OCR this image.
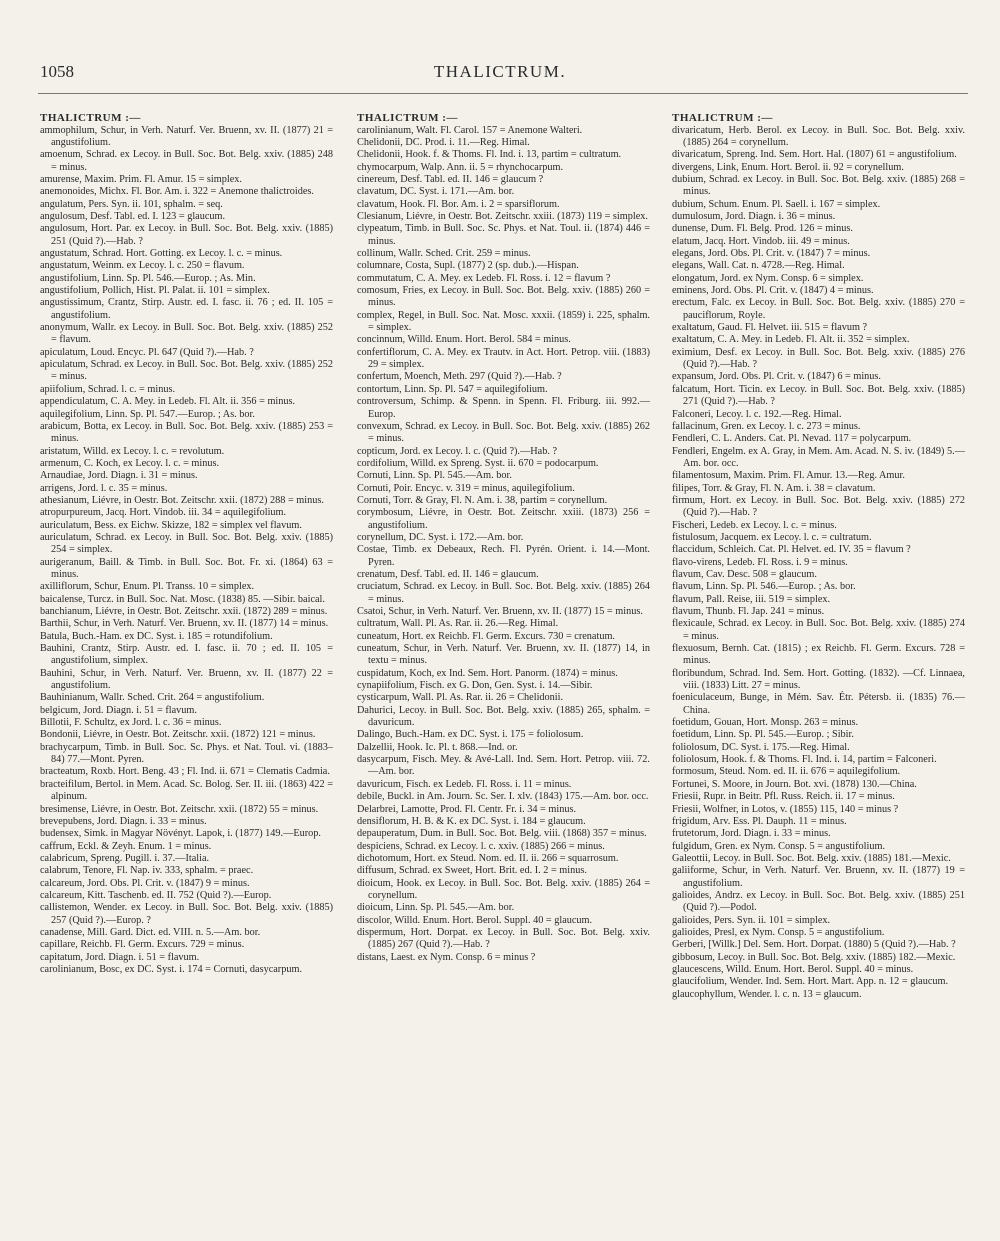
1058	THALICTRUM.
THALICTRUM :—

ammophilum, Schur, in Verh. Naturf. Ver. Bruenn, xv. II. (1877) 21 = angustifolium.

amoenum, Schrad. ex Lecoy. in Bull. Soc. Bot. Belg. xxiv. (1885) 248 = minus.

amurense, Maxim. Prim. Fl. Amur. 15 = simplex.

anemonoides, Michx. Fl. Bor. Am. i. 322 = Anemone thalictroides.

angulatum, Pers. Syn. ii. 101, sphalm. = seq.

angulosum, Desf. Tabl. ed. I. 123 = glaucum.

angulosum, Hort. Par. ex Lecoy. in Bull. Soc. Bot. Belg. xxiv. (1885) 251 (Quid ?).—Hab. ?

angustatum, Schrad. Hort. Gotting. ex Lecoy. l. c. = minus.

angustatum, Weinm. ex Lecoy. l. c. 250 = flavum.

angustifolium, Linn. Sp. Pl. 546.—Europ. ; As. Min.

angustifolium, Pollich, Hist. Pl. Palat. ii. 101 = simplex.

angustissimum, Crantz, Stirp. Austr. ed. I. fasc. ii. 76 ; ed. II. 105 = angustifolium.

anonymum, Wallr. ex Lecoy. in Bull. Soc. Bot. Belg. xxiv. (1885) 252 = flavum.

apiculatum, Loud. Encyc. Pl. 647 (Quid ?).—Hab. ?

apiculatum, Schrad. ex Lecoy. in Bull. Soc. Bot. Belg. xxiv. (1885) 252 = minus.

apiifolium, Schrad. l. c. = minus.

appendiculatum, C. A. Mey. in Ledeb. Fl. Alt. ii. 356 = minus.

aquilegifolium, Linn. Sp. Pl. 547.—Europ. ; As. bor.

arabicum, Botta, ex Lecoy. in Bull. Soc. Bot. Belg. xxiv. (1885) 253 = minus.

aristatum, Willd. ex Lecoy. l. c. = revolutum.

armenum, C. Koch, ex Lecoy. l. c. = minus.

Arnaudiae, Jord. Diagn. i. 31 = minus.

arrigens, Jord. l. c. 35 = minus.

athesianum, Liévre, in Oestr. Bot. Zeitschr. xxii. (1872) 288 = minus.

atropurpureum, Jacq. Hort. Vindob. iii. 34 = aquilegifolium.

auriculatum, Bess. ex Eichw. Skizze, 182 = simplex vel flavum.

auriculatum, Schrad. ex Lecoy. in Bull. Soc. Bot. Belg. xxiv. (1885) 254 = simplex.

aurigeranum, Baill. & Timb. in Bull. Soc. Bot. Fr. xi. (1864) 63 = minus.

axilliflorum, Schur, Enum. Pl. Transs. 10 = simplex.

baicalense, Turcz. in Bull. Soc. Nat. Mosc. (1838) 85. —Sibir. baical.

banchianum, Liévre, in Oestr. Bot. Zeitschr. xxii. (1872) 289 = minus.

Barthii, Schur, in Verh. Naturf. Ver. Bruenn, xv. II. (1877) 14 = minus.

Batula, Buch.-Ham. ex DC. Syst. i. 185 = rotundifolium.

Bauhini, Crantz, Stirp. Austr. ed. I. fasc. ii. 70 ; ed. II. 105 = angustifolium, simplex.

Bauhini, Schur, in Verh. Naturf. Ver. Bruenn, xv. II. (1877) 22 = angustifolium.

Bauhinianum, Wallr. Sched. Crit. 264 = angustifolium.

belgicum, Jord. Diagn. i. 51 = flavum.

Billotii, F. Schultz, ex Jord. l. c. 36 = minus.

Bondonii, Liévre, in Oestr. Bot. Zeitschr. xxii. (1872) 121 = minus.

brachycarpum, Timb. in Bull. Soc. Sc. Phys. et Nat. Toul. vi. (1883–84) 77.—Mont. Pyren.

bracteatum, Roxb. Hort. Beng. 43 ; Fl. Ind. ii. 671 = Clematis Cadmia.

bracteifilum, Bertol. in Mem. Acad. Sc. Bolog. Ser. II. iii. (1863) 422 = alpinum.

bresimense, Liévre, in Oestr. Bot. Zeitschr. xxii. (1872) 55 = minus.

brevepubens, Jord. Diagn. i. 33 = minus.

budensex, Simk. in Magyar Növényt. Lapok, i. (1877) 149.—Europ.

caffrum, Eckl. & Zeyh. Enum. 1 = minus.

calabricum, Spreng. Pugill. i. 37.—Italia.

calabrum, Tenore, Fl. Nap. iv. 333, sphalm. = praec.

calcareum, Jord. Obs. Pl. Crit. v. (1847) 9 = minus.

calcareum, Kitt. Taschenb. ed. II. 752 (Quid ?).—Europ.

callistemon, Wender. ex Lecoy. in Bull. Soc. Bot. Belg. xxiv. (1885) 257 (Quid ?).—Europ. ?

canadense, Mill. Gard. Dict. ed. VIII. n. 5.—Am. bor.

capillare, Reichb. Fl. Germ. Excurs. 729 = minus.

capitatum, Jord. Diagn. i. 51 = flavum.

carolinianum, Bosc, ex DC. Syst. i. 174 = Cornuti, dasycarpum.

THALICTRUM :—

carolinianum, Walt. Fl. Carol. 157 = Anemone Walteri.

Chelidonii, DC. Prod. i. 11.—Reg. Himal.

Chelidonii, Hook. f. & Thoms. Fl. Ind. i. 13, partim = cultratum.

chymocarpum, Walp. Ann. ii. 5 = rhynchocarpum.

cinereum, Desf. Tabl. ed. II. 146 = glaucum ?

clavatum, DC. Syst. i. 171.—Am. bor.

clavatum, Hook. Fl. Bor. Am. i. 2 = sparsiflorum.

Clesianum, Liévre, in Oestr. Bot. Zeitschr. xxiii. (1873) 119 = simplex.

clypeatum, Timb. in Bull. Soc. Sc. Phys. et Nat. Toul. ii. (1874) 446 = minus.

collinum, Wallr. Sched. Crit. 259 = minus.

columnare, Costa, Supl. (1877) 2 (sp. dub.).—Hispan.

commutatum, C. A. Mey. ex Ledeb. Fl. Ross. i. 12 = flavum ?

comosum, Fries, ex Lecoy. in Bull. Soc. Bot. Belg. xxiv. (1885) 260 = minus.

complex, Regel, in Bull. Soc. Nat. Mosc. xxxii. (1859) i. 225, sphalm. = simplex.

concinnum, Willd. Enum. Hort. Berol. 584 = minus.

confertiflorum, C. A. Mey. ex Trautv. in Act. Hort. Petrop. viii. (1883) 29 = simplex.

confertum, Moench, Meth. 297 (Quid ?).—Hab. ?

contortum, Linn. Sp. Pl. 547 = aquilegifolium.

controversum, Schimp. & Spenn. in Spenn. Fl. Friburg. iii. 992.—Europ.

convexum, Schrad. ex Lecoy. in Bull. Soc. Bot. Belg. xxiv. (1885) 262 = minus.

copticum, Jord. ex Lecoy. l. c. (Quid ?).—Hab. ?

cordifolium, Willd. ex Spreng. Syst. ii. 670 = podocarpum.

Cornuti, Linn. Sp. Pl. 545.—Am. bor.

Cornuti, Poir. Encyc. v. 319 = minus, aquilegifolium.

Cornuti, Torr. & Gray, Fl. N. Am. i. 38, partim = corynellum.

corymbosum, Liévre, in Oestr. Bot. Zeitschr. xxiii. (1873) 256 = angustifolium.

corynellum, DC. Syst. i. 172.—Am. bor.

Costae, Timb. ex Debeaux, Rech. Fl. Pyrén. Orient. i. 14.—Mont. Pyren.

crenatum, Desf. Tabl. ed. II. 146 = glaucum.

cruciatum, Schrad. ex Lecoy. in Bull. Soc. Bot. Belg. xxiv. (1885) 264 = minus.

Csatoi, Schur, in Verh. Naturf. Ver. Bruenn, xv. II. (1877) 15 = minus.

cultratum, Wall. Pl. As. Rar. ii. 26.—Reg. Himal.

cuneatum, Hort. ex Reichb. Fl. Germ. Excurs. 730 = crenatum.

cuneatum, Schur, in Verh. Naturf. Ver. Bruenn, xv. II. (1877) 14, in textu = minus.

cuspidatum, Koch, ex Ind. Sem. Hort. Panorm. (1874) = minus.

cynapiifolium, Fisch. ex G. Don, Gen. Syst. i. 14.—Sibir.

cysticarpum, Wall. Pl. As. Rar. ii. 26 = Chelidonii.

Dahurici, Lecoy. in Bull. Soc. Bot. Belg. xxiv. (1885) 265, sphalm. = davuricum.

Dalingo, Buch.-Ham. ex DC. Syst. i. 175 = foliolosum.

Dalzellii, Hook. Ic. Pl. t. 868.—Ind. or.

dasycarpum, Fisch. Mey. & Avé-Lall. Ind. Sem. Hort. Petrop. viii. 72.—Am. bor.

davuricum, Fisch. ex Ledeb. Fl. Ross. i. 11 = minus.

debile, Buckl. in Am. Journ. Sc. Ser. I. xlv. (1843) 175.—Am. bor. occ.

Delarbrei, Lamotte, Prod. Fl. Centr. Fr. i. 34 = minus.

densiflorum, H. B. & K. ex DC. Syst. i. 184 = glaucum.

depauperatum, Dum. in Bull. Soc. Bot. Belg. viii. (1868) 357 = minus.

despiciens, Schrad. ex Lecoy. l. c. xxiv. (1885) 266 = minus.

dichotomum, Hort. ex Steud. Nom. ed. II. ii. 266 = squarrosum.

diffusum, Schrad. ex Sweet, Hort. Brit. ed. I. 2 = minus.

dioicum, Hook. ex Lecoy. in Bull. Soc. Bot. Belg. xxiv. (1885) 264 = corynellum.

dioicum, Linn. Sp. Pl. 545.—Am. bor.

discolor, Willd. Enum. Hort. Berol. Suppl. 40 = glaucum.

dispermum, Hort. Dorpat. ex Lecoy. in Bull. Soc. Bot. Belg. xxiv. (1885) 267 (Quid ?).—Hab. ?

distans, Laest. ex Nym. Consp. 6 = minus ?

THALICTRUM :—

divaricatum, Herb. Berol. ex Lecoy. in Bull. Soc. Bot. Belg. xxiv. (1885) 264 = corynellum.

divaricatum, Spreng. Ind. Sem. Hort. Hal. (1807) 61 = angustifolium.

divergens, Link, Enum. Hort. Berol. ii. 92 = corynellum.

dubium, Schrad. ex Lecoy. in Bull. Soc. Bot. Belg. xxiv. (1885) 268 = minus.

dubium, Schum. Enum. Pl. Saell. i. 167 = simplex.

dumulosum, Jord. Diagn. i. 36 = minus.

dunense, Dum. Fl. Belg. Prod. 126 = minus.

elatum, Jacq. Hort. Vindob. iii. 49 = minus.

elegans, Jord. Obs. Pl. Crit. v. (1847) 7 = minus.

elegans, Wall. Cat. n. 4728.—Reg. Himal.

elongatum, Jord. ex Nym. Consp. 6 = simplex.

eminens, Jord. Obs. Pl. Crit. v. (1847) 4 = minus.

erectum, Falc. ex Lecoy. in Bull. Soc. Bot. Belg. xxiv. (1885) 270 = pauciflorum, Royle.

exaltatum, Gaud. Fl. Helvet. iii. 515 = flavum ?

exaltatum, C. A. Mey. in Ledeb. Fl. Alt. ii. 352 = simplex.

eximium, Desf. ex Lecoy. in Bull. Soc. Bot. Belg. xxiv. (1885) 276 (Quid ?).—Hab. ?

expansum, Jord. Obs. Pl. Crit. v. (1847) 6 = minus.

falcatum, Hort. Ticin. ex Lecoy. in Bull. Soc. Bot. Belg. xxiv. (1885) 271 (Quid ?).—Hab. ?

Falconeri, Lecoy. l. c. 192.—Reg. Himal.

fallacinum, Gren. ex Lecoy. l. c. 273 = minus.

Fendleri, C. L. Anders. Cat. Pl. Nevad. 117 = polycarpum.

Fendleri, Engelm. ex A. Gray, in Mem. Am. Acad. N. S. iv. (1849) 5.—Am. bor. occ.

filamentosum, Maxim. Prim. Fl. Amur. 13.—Reg. Amur.

filipes, Torr. & Gray, Fl. N. Am. i. 38 = clavatum.

firmum, Hort. ex Lecoy. in Bull. Soc. Bot. Belg. xxiv. (1885) 272 (Quid ?).—Hab. ?

Fischeri, Ledeb. ex Lecoy. l. c. = minus.

fistulosum, Jacquem. ex Lecoy. l. c. = cultratum.

flaccidum, Schleich. Cat. Pl. Helvet. ed. IV. 35 = flavum ?

flavo-virens, Ledeb. Fl. Ross. i. 9 = minus.

flavum, Cav. Desc. 508 = glaucum.

flavum, Linn. Sp. Pl. 546.—Europ. ; As. bor.

flavum, Pall. Reise, iii. 519 = simplex.

flavum, Thunb. Fl. Jap. 241 = minus.

flexicaule, Schrad. ex Lecoy. in Bull. Soc. Bot. Belg. xxiv. (1885) 274 = minus.

flexuosum, Bernh. Cat. (1815) ; ex Reichb. Fl. Germ. Excurs. 728 = minus.

floribundum, Schrad. Ind. Sem. Hort. Gotting. (1832). —Cf. Linnaea, viii. (1833) Litt. 27 = minus.

foeniculaceum, Bunge, in Mém. Sav. Étr. Pétersb. ii. (1835) 76.—China.

foetidum, Gouan, Hort. Monsp. 263 = minus.

foetidum, Linn. Sp. Pl. 545.—Europ. ; Sibir.

foliolosum, DC. Syst. i. 175.—Reg. Himal.

foliolosum, Hook. f. & Thoms. Fl. Ind. i. 14, partim = Falconeri.

formosum, Steud. Nom. ed. II. ii. 676 = aquilegifolium.

Fortunei, S. Moore, in Journ. Bot. xvi. (1878) 130.—China.

Friesii, Rupr. in Beitr. Pfl. Russ. Reich. ii. 17 = minus.

Friesii, Wolfner, in Lotos, v. (1855) 115, 140 = minus ?

frigidum, Arv. Ess. Pl. Dauph. 11 = minus.

frutetorum, Jord. Diagn. i. 33 = minus.

fulgidum, Gren. ex Nym. Consp. 5 = angustifolium.

Galeottii, Lecoy. in Bull. Soc. Bot. Belg. xxiv. (1885) 181.—Mexic.

galiiforme, Schur, in Verh. Naturf. Ver. Bruenn, xv. II. (1877) 19 = angustifolium.

galioides, Andrz. ex Lecoy. in Bull. Soc. Bot. Belg. xxiv. (1885) 251 (Quid ?).—Podol.

galioides, Pers. Syn. ii. 101 = simplex.

galioides, Presl, ex Nym. Consp. 5 = angustifolium.

Gerberi, [Willk.] Del. Sem. Hort. Dorpat. (1880) 5 (Quid ?).—Hab. ?

gibbosum, Lecoy. in Bull. Soc. Bot. Belg. xxiv. (1885) 182.—Mexic.

glaucescens, Willd. Enum. Hort. Berol. Suppl. 40 = minus.

glaucifolium, Wender. Ind. Sem. Hort. Mart. App. n. 12 = glaucum.

glaucophyllum, Wender. l. c. n. 13 = glaucum.
